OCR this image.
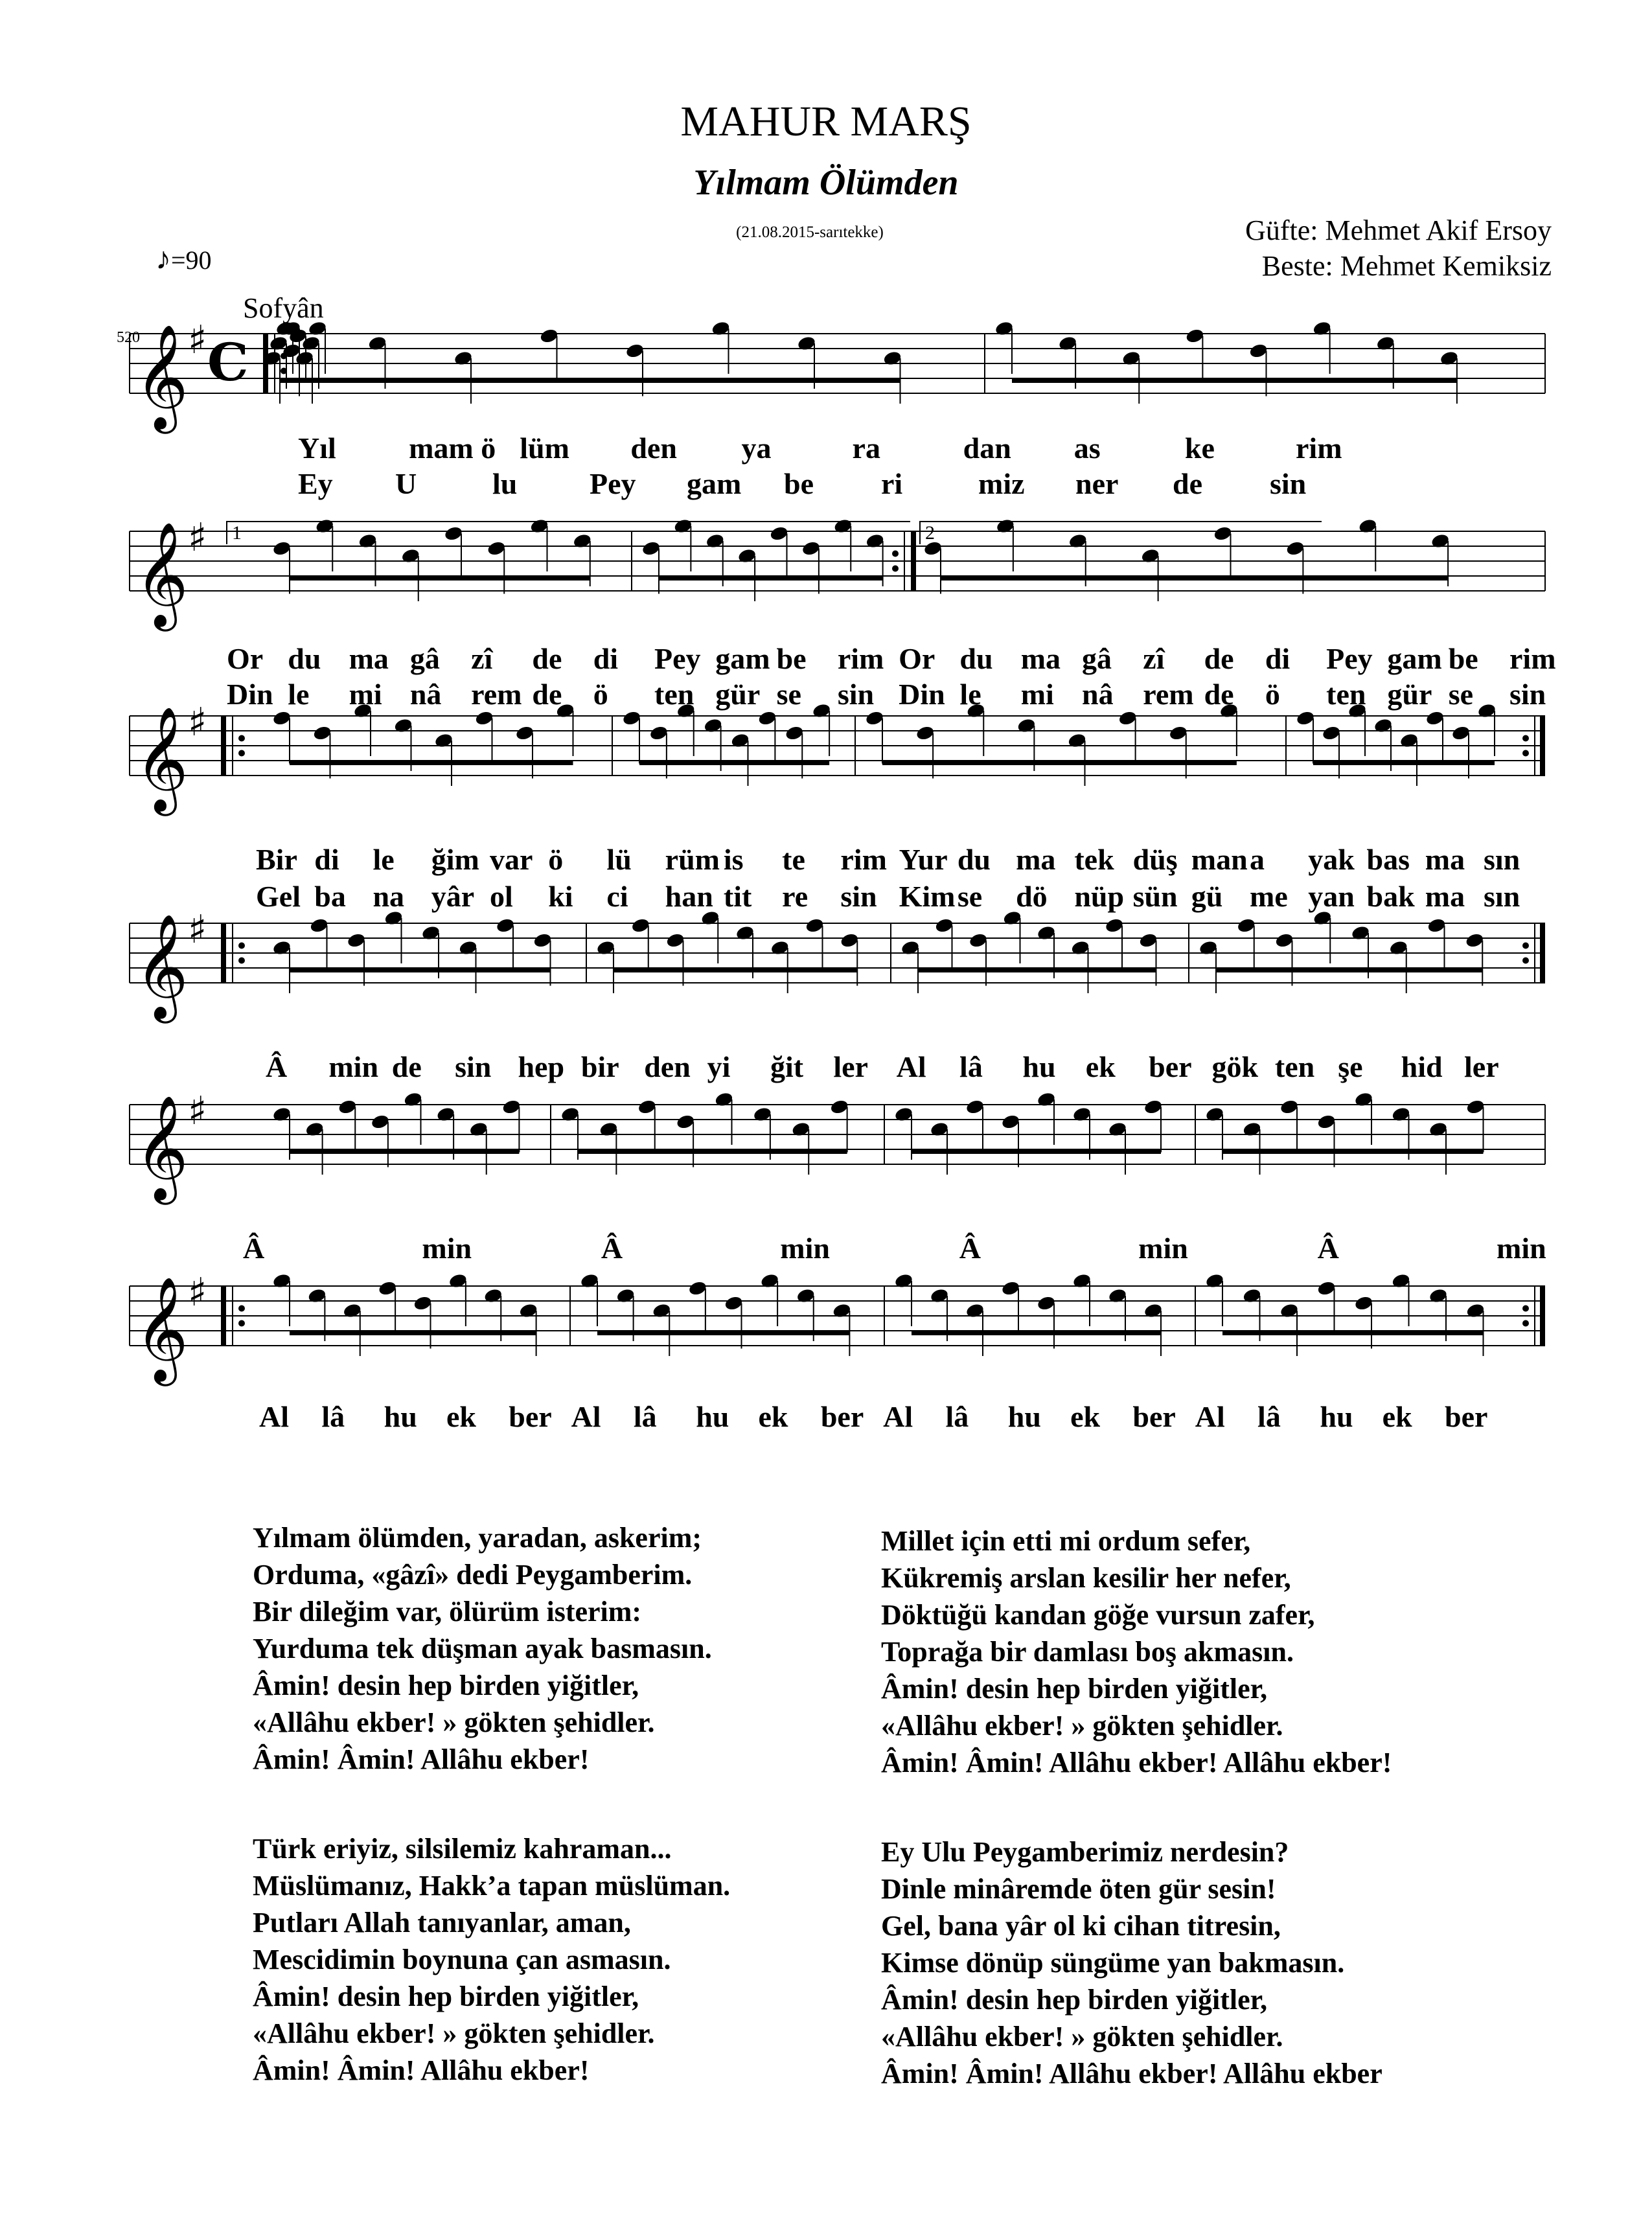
MAHUR MARŞ
Yılmam Ölümden
(21.08.2015-sarıtekke)	Güfte: Mehmet Akif Ersoy
Beste: Mehmet Kemiksiz
♪=90
Sofyân
520
𝄞 ♯ C
𝄞 ♯
𝄞 ♯
𝄞 ♯
𝄞 ♯
𝄞 ♯
1	2
Yıl mam ö lüm den ya	ra	dan as	ke	rim
Ey U	lu Pey gam be ri	miz ner de sin
Or du ma gâ zî de di Pey gam be rim Or du ma gâ zî de di Pey gam be rim
Din le mi nâ rem de ö ten gür se sin Din le mi nâ rem de ö ten gür se sin
Bir di le ğim var ö lü rüm is te rim Yur du ma tek düş man a yak bas ma sın
Gel ba na yâr ol ki ci han tit re sin Kim se dö nüp sün gü me yan bak ma sın
Â min de sin hep bir den yi ğit ler Al lâ hu ek ber gök ten şe hid ler
Â	min	Â	min	Â	min	Â	min
Al lâ hu ek ber Al lâ hu ek ber Al lâ hu ek ber Al lâ hu ek ber
Yılmam ölümden, yaradan, askerim;
Orduma, «gâzî» dedi Peygamberim.
Bir dileğim var, ölürüm isterim:
Yurduma tek düşman ayak basmasın.
Âmin! desin hep birden yiğitler,
«Allâhu ekber! » gökten şehidler.
Âmin! Âmin! Allâhu ekber!
Türk eriyiz, silsilemiz kahraman...
Müslümanız, Hakk’a tapan müslüman.
Putları Allah tanıyanlar, aman,
Mescidimin boynuna çan asmasın.
Âmin! desin hep birden yiğitler,
«Allâhu ekber! » gökten şehidler.
Âmin! Âmin! Allâhu ekber!
Millet için etti mi ordum sefer,
Kükremiş arslan kesilir her nefer,
Döktüğü kandan göğe vursun zafer,
Toprağa bir damlası boş akmasın.
Âmin! desin hep birden yiğitler,
«Allâhu ekber! » gökten şehidler.
Âmin! Âmin! Allâhu ekber! Allâhu ekber!
Ey Ulu Peygamberimiz nerdesin?
Dinle minâremde öten gür sesin!
Gel, bana yâr ol ki cihan titresin,
Kimse dönüp süngüme yan bakmasın.
Âmin! desin hep birden yiğitler,
«Allâhu ekber! » gökten şehidler.
Âmin! Âmin! Allâhu ekber! Allâhu ekber
